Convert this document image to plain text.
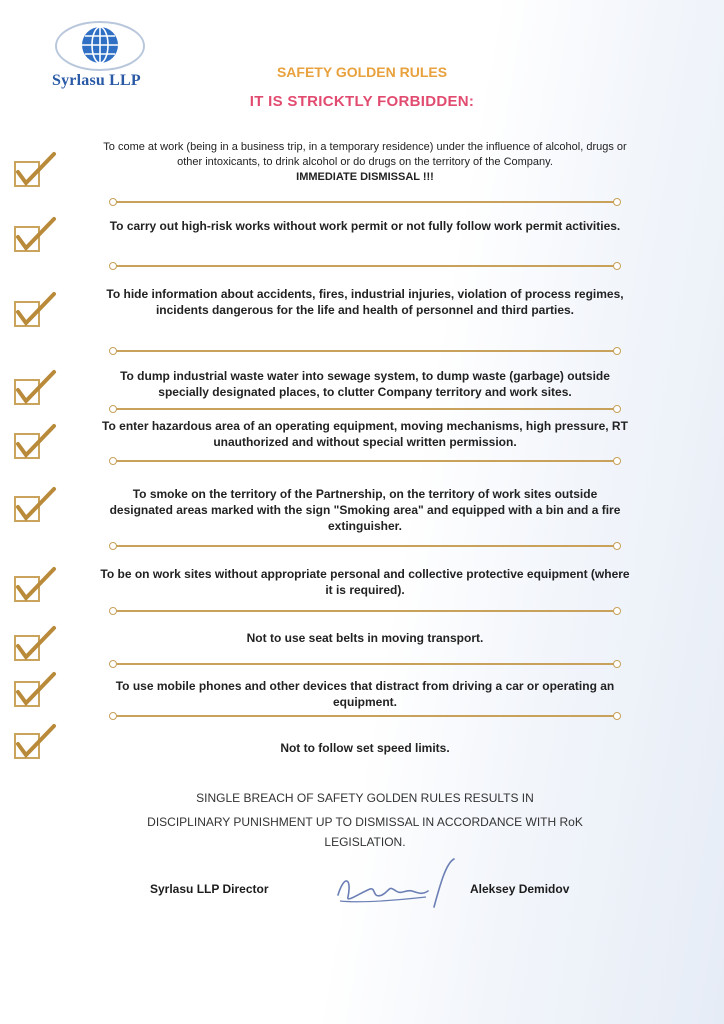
Syrlasu LLP	SAFETY GOLDEN RULES
IT IS STRICKTLY FORBIDDEN:
To come at work (being in a business trip, in a temporary residence) under the influence of alcohol, drugs or other intoxicants, to drink alcohol or do drugs on the territory of the Company.
IMMEDIATE DISMISSAL !!!
To carry out high-risk works without work permit or not fully follow work permit activities.
To hide information about accidents, fires, industrial injuries, violation of process regimes, incidents dangerous for the life and health of personnel and third parties.
To dump industrial waste water into sewage system, to dump waste (garbage) outside specially designated places, to clutter Company territory and work sites.
To enter hazardous area of an operating equipment, moving mechanisms, high pressure, RT unauthorized and without special written permission.
To smoke on the territory of the Partnership, on the territory of work sites outside designated areas marked with the sign "Smoking area" and equipped with a bin and a fire extinguisher.
To be on work sites without appropriate personal and collective protective equipment (where it is required).
Not to use seat belts in moving transport.
To use mobile phones and other devices that distract from driving a car or operating an equipment.
Not to follow set speed limits.
SINGLE BREACH OF SAFETY GOLDEN RULES RESULTS IN
DISCIPLINARY PUNISHMENT UP TO DISMISSAL IN ACCORDANCE WITH RoK LEGISLATION.
Syrlasu LLP Director	Aleksey Demidov
